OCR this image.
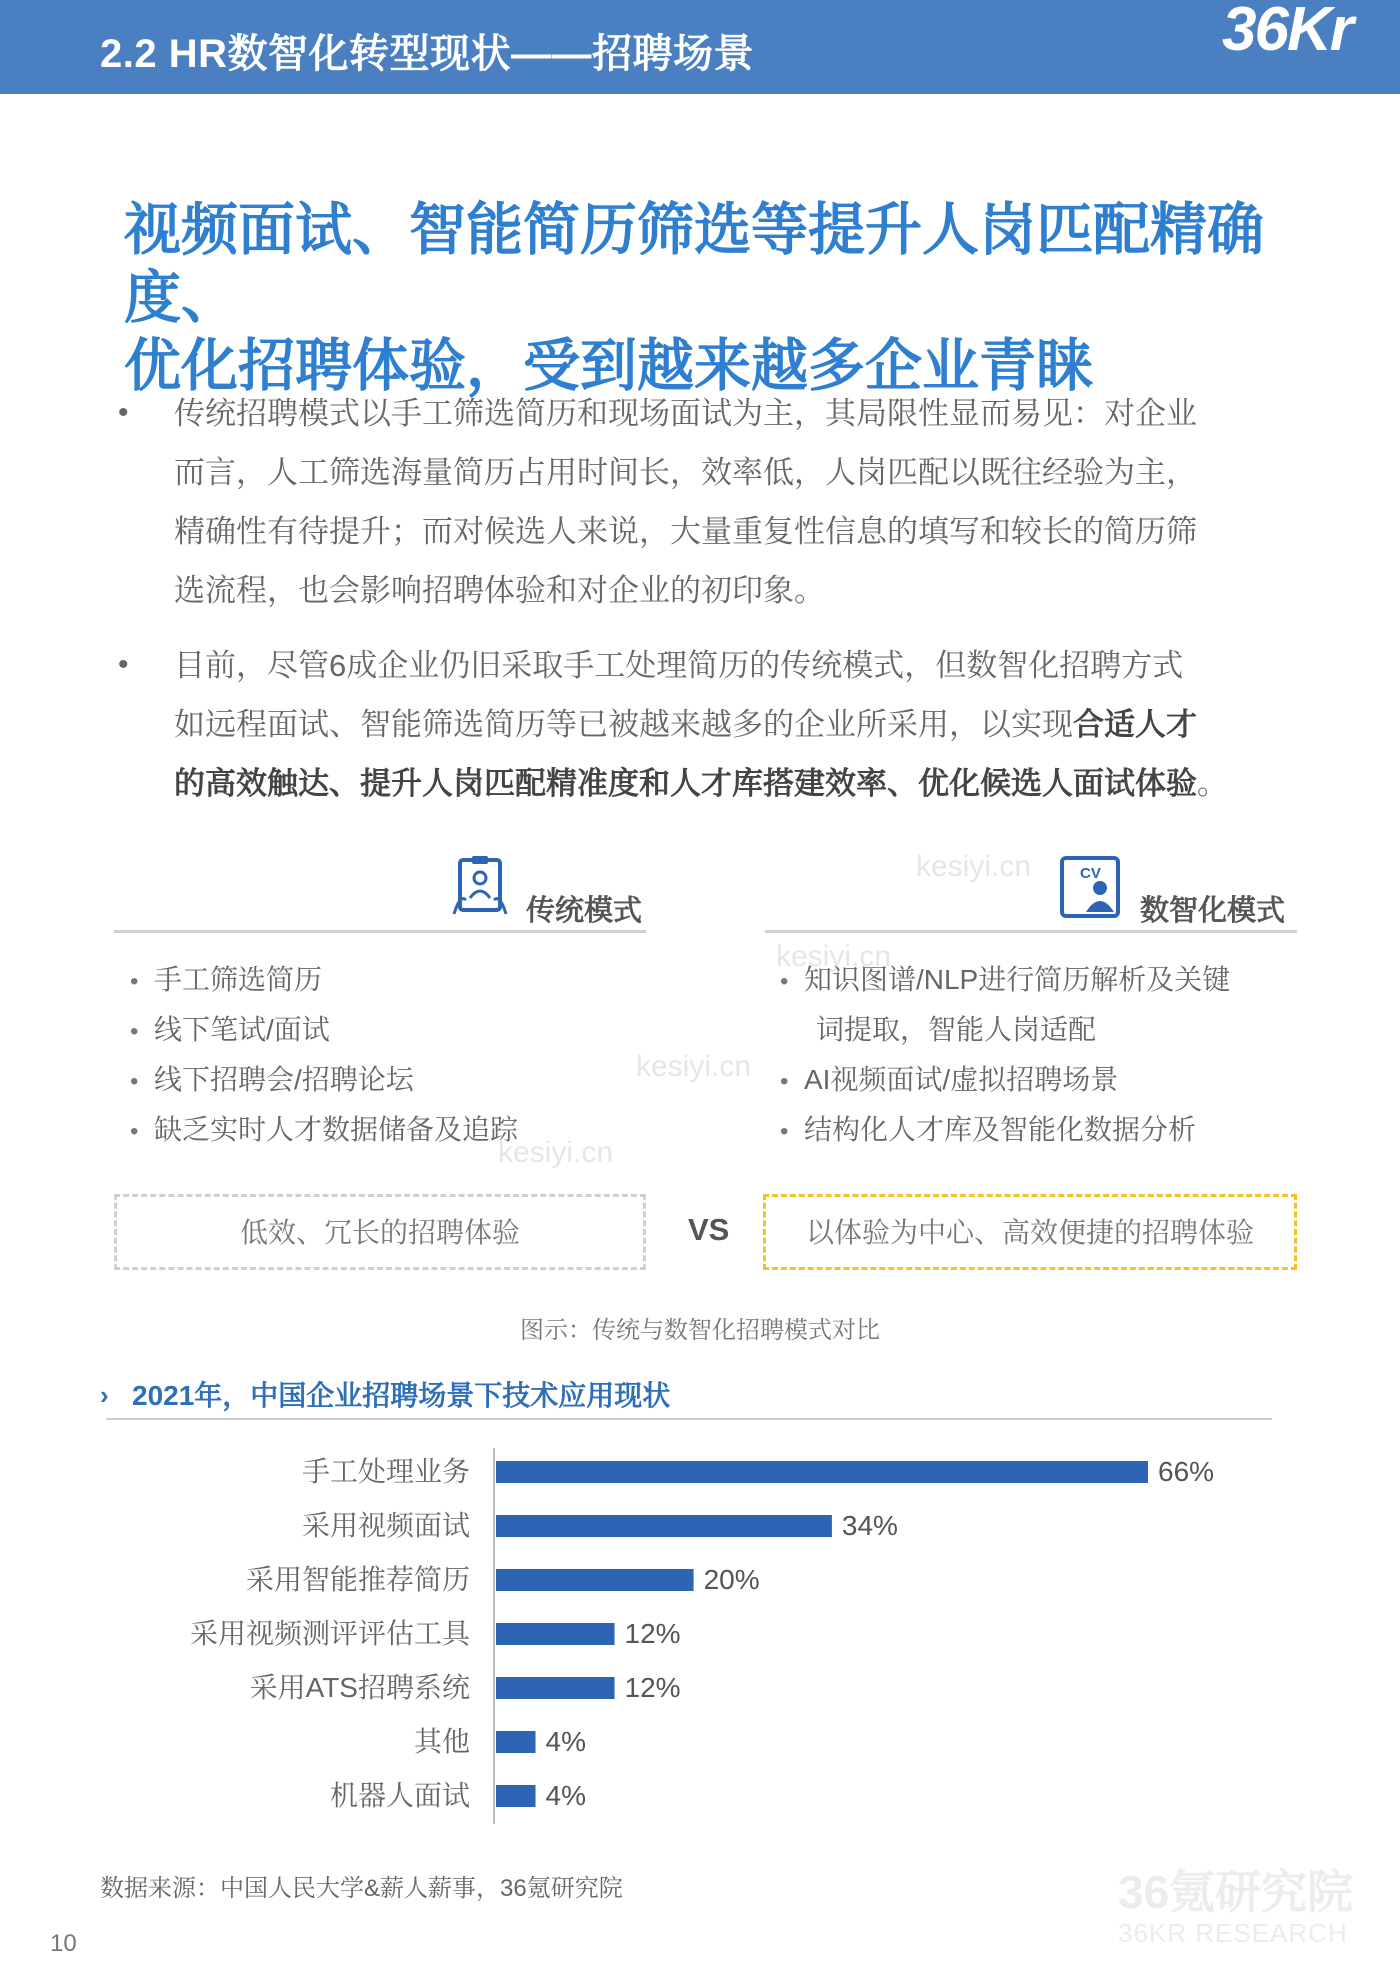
2.2 HR数智化转型现状——招聘场景	36Kr
视频面试、智能简历筛选等提升人岗匹配精确度、
优化招聘体验，受到越来越多企业青睐
• 传统招聘模式以手工筛选简历和现场面试为主，其局限性显而易见：对企业
而言，人工筛选海量简历占用时间长，效率低，人岗匹配以既往经验为主，
精确性有待提升；而对候选人来说，大量重复性信息的填写和较长的简历筛
选流程，也会影响招聘体验和对企业的初印象。
• 目前，尽管6成企业仍旧采取手工处理简历的传统模式，但数智化招聘方式
如远程面试、智能筛选简历等已被越来越多的企业所采用，以实现合适人才
的高效触达、提升人岗匹配精准度和人才库搭建效率、优化候选人面试体验。
kesiyi.cn
kesiyi.cn
kesiyi.cn
kesiyi.cn
传统模式
• 手工筛选简历
• 线下笔试/面试
• 线下招聘会/招聘论坛
• 缺乏实时人才数据储备及追踪
CV
数智化模式
• 知识图谱/NLP进行简历解析及关键
词提取，智能人岗适配
• AI视频面试/虚拟招聘场景
• 结构化人才库及智能化数据分析
低效、冗长的招聘体验	VS	以体验为中心、高效便捷的招聘体验
图示：传统与数智化招聘模式对比
› 2021年，中国企业招聘场景下技术应用现状
手工处理业务	66%
采用视频面试	34%
采用智能推荐简历	20%
采用视频测评评估工具	12%
采用ATS招聘系统	12%
其他	4%
机器人面试	4%
数据来源：中国人民大学&薪人薪事，36氪研究院	36氪研究院
36KR RESEARCH
10
